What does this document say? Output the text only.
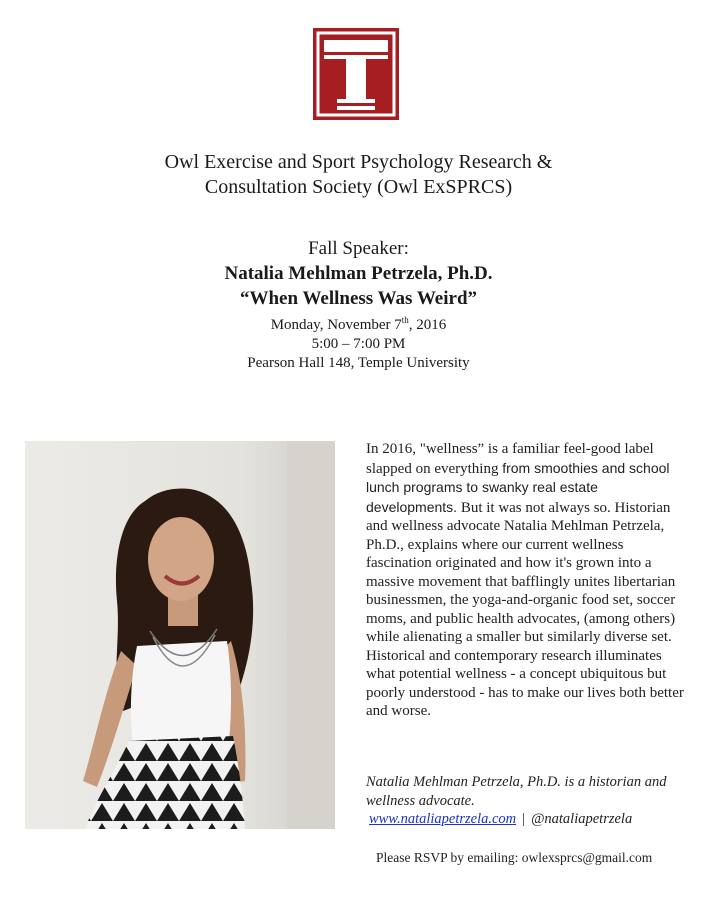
Owl Exercise and Sport Psychology Research &
Consultation Society (Owl ExSPRCS)
Fall Speaker:
Natalia Mehlman Petrzela, Ph.D.
“When Wellness Was Weird”
Monday, November 7th, 2016
5:00 – 7:00 PM
Pearson Hall 148, Temple University
In 2016, "wellness” is a familiar feel-good label slapped on everything from smoothies and school lunch programs to swanky real estate developments. But it was not always so. Historian and wellness advocate Natalia Mehlman Petrzela, Ph.D., explains where our current wellness fascination originated and how it's grown into a massive movement that bafflingly unites libertarian businessmen, the yoga-and-organic food set, soccer moms, and public health advocates, (among others) while alienating a smaller but similarly diverse set. Historical and contemporary research illuminates what potential wellness - a concept ubiquitous but poorly understood - has to make our lives both better and worse.
Natalia Mehlman Petrzela, Ph.D. is a historian and wellness advocate.
www.nataliapetrzela.com | @nataliapetrzela
Please RSVP by emailing: owlexsprcs@gmail.com
